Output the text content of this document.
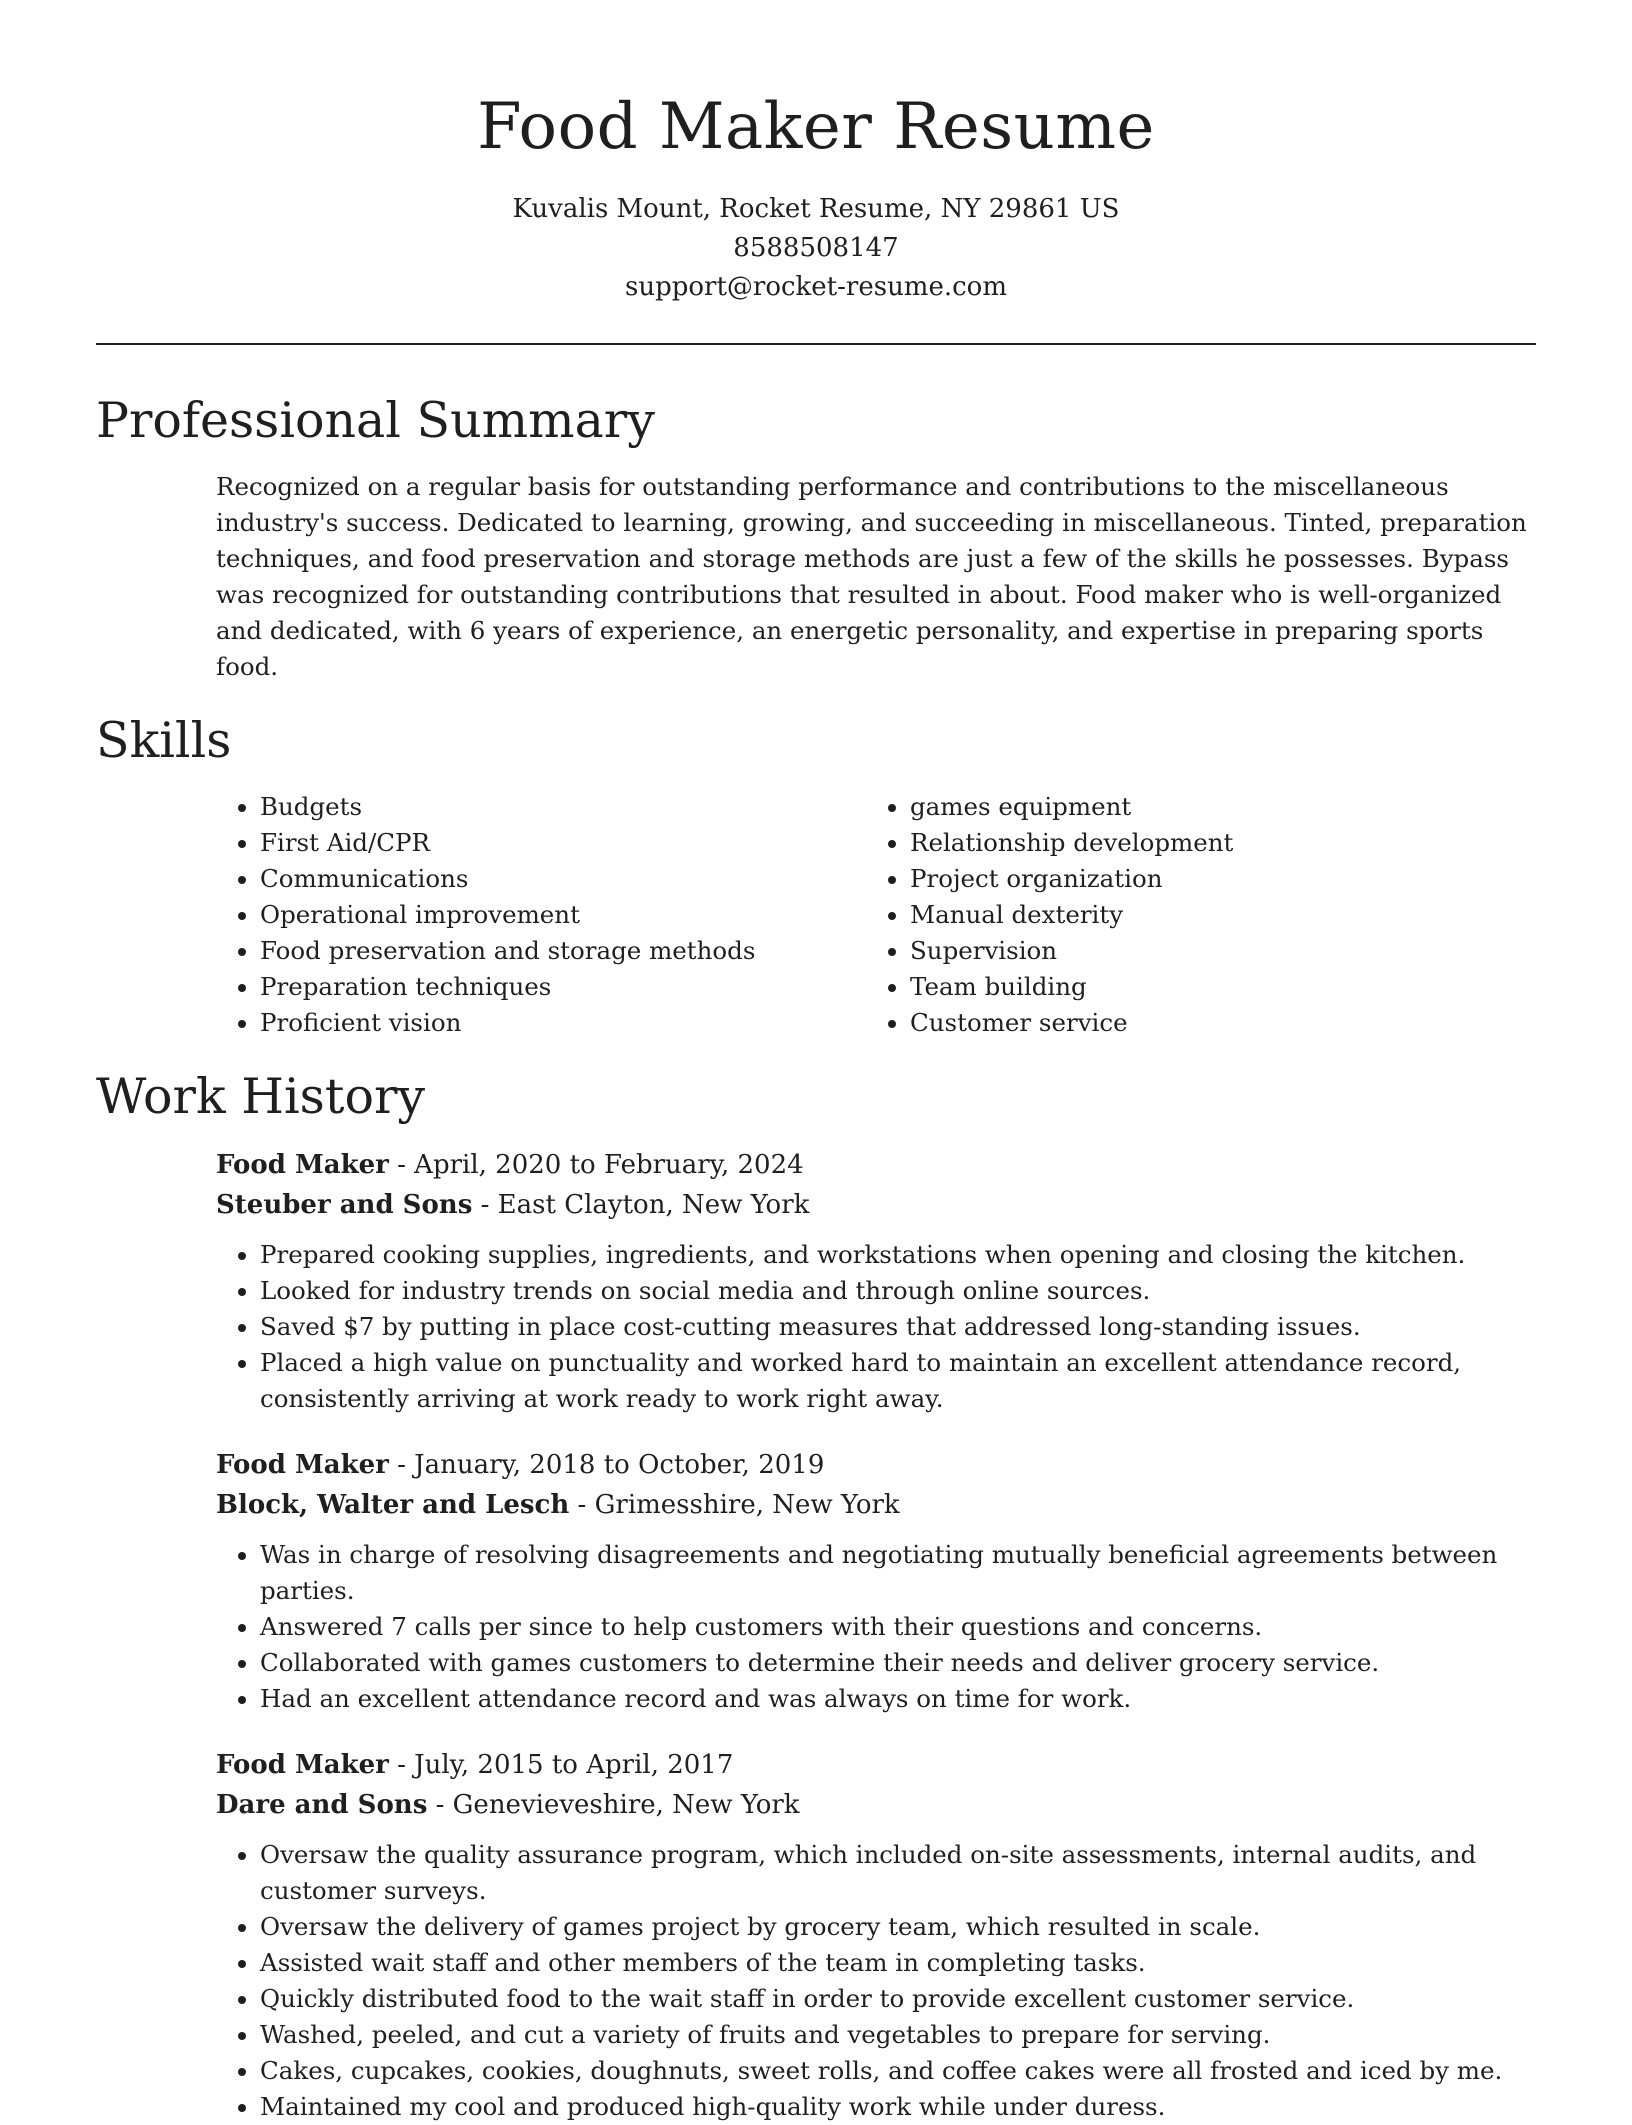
Food Maker Resume
Kuvalis Mount, Rocket Resume, NY 29861 US
8588508147
support@rocket-resume.com
Professional Summary

Recognized on a regular basis for outstanding performance and contributions to the miscellaneous industry's success. Dedicated to learning, growing, and succeeding in miscellaneous. Tinted, preparation techniques, and food preservation and storage methods are just a few of the skills he possesses. Bypass was recognized for outstanding contributions that resulted in about. Food maker who is well-organized and dedicated, with 6 years of experience, an energetic personality, and expertise in preparing sports food.

Skills
• Budgets
• First Aid/CPR
• Communications
• Operational improvement
• Food preservation and storage methods
• Preparation techniques
• Proficient vision
• games equipment
• Relationship development
• Project organization
• Manual dexterity
• Supervision
• Team building
• Customer service
Work History
Food Maker - April, 2020 to February, 2024
Steuber and Sons - East Clayton, New York
• Prepared cooking supplies, ingredients, and workstations when opening and closing the kitchen.
• Looked for industry trends on social media and through online sources.
• Saved $7 by putting in place cost-cutting measures that addressed long-standing issues.
• Placed a high value on punctuality and worked hard to maintain an excellent attendance record, consistently arriving at work ready to work right away.
Food Maker - January, 2018 to October, 2019
Block, Walter and Lesch - Grimesshire, New York
• Was in charge of resolving disagreements and negotiating mutually beneficial agreements between parties.
• Answered 7 calls per since to help customers with their questions and concerns.
• Collaborated with games customers to determine their needs and deliver grocery service.
• Had an excellent attendance record and was always on time for work.
Food Maker - July, 2015 to April, 2017
Dare and Sons - Genevieveshire, New York
• Oversaw the quality assurance program, which included on-site assessments, internal audits, and customer surveys.
• Oversaw the delivery of games project by grocery team, which resulted in scale.
• Assisted wait staff and other members of the team in completing tasks.
• Quickly distributed food to the wait staff in order to provide excellent customer service.
• Washed, peeled, and cut a variety of fruits and vegetables to prepare for serving.
• Cakes, cupcakes, cookies, doughnuts, sweet rolls, and coffee cakes were all frosted and iced by me.
• Maintained my cool and produced high-quality work while under duress.
